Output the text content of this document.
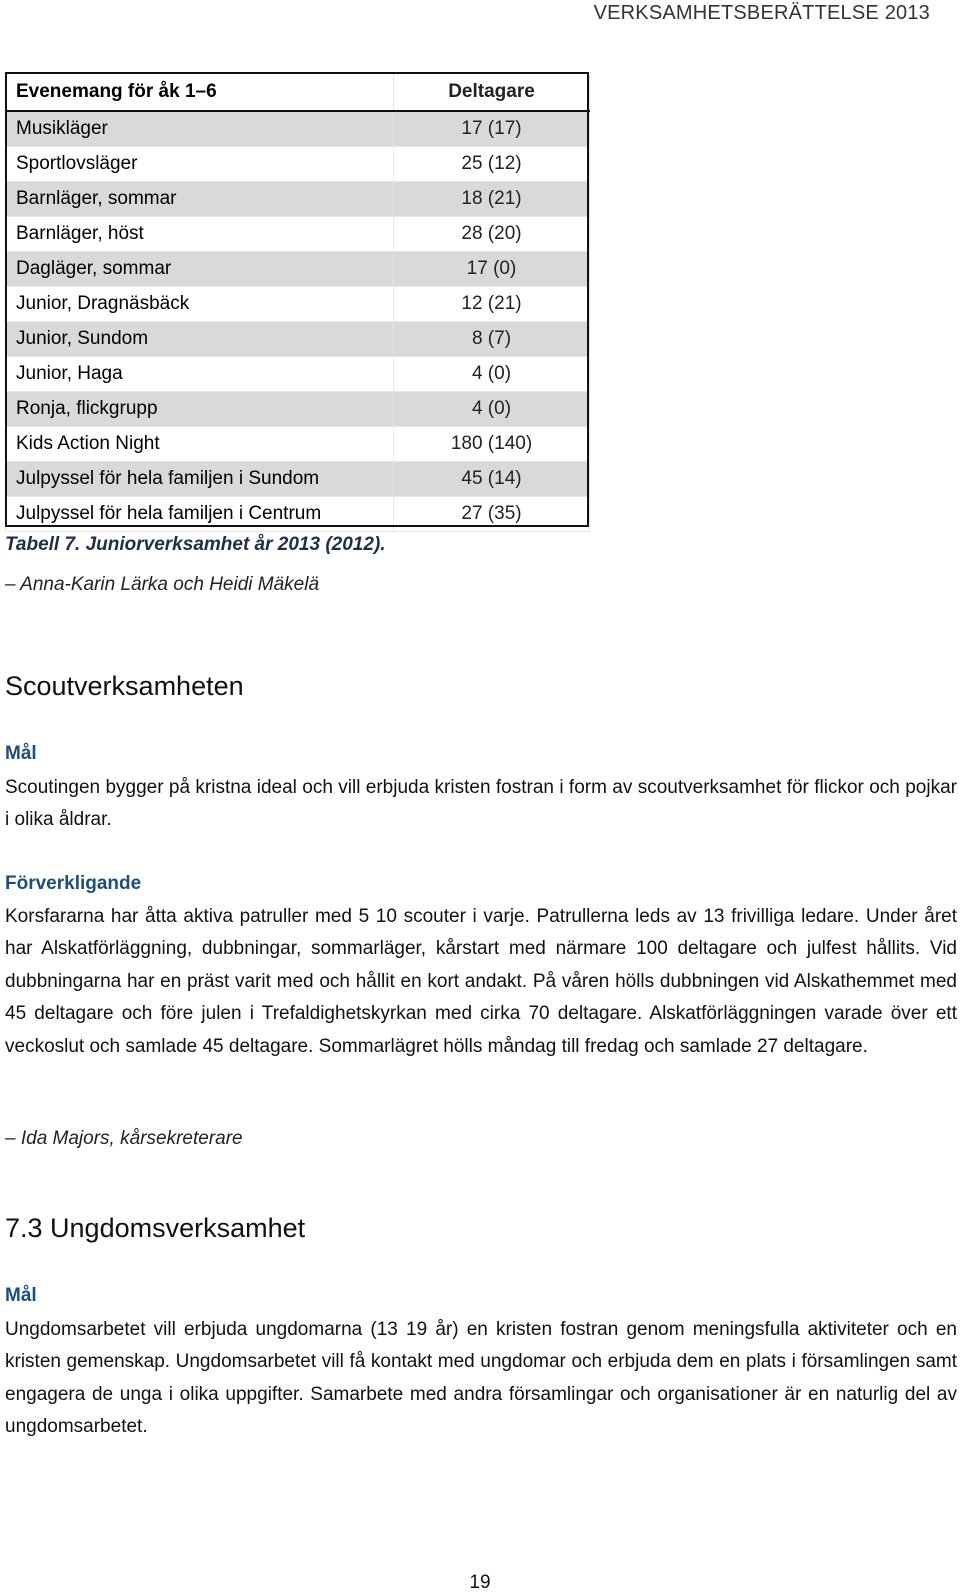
VERKSAMHETSBERÄTTELSE 2013
Evenemang för åk 1–6	Deltagare
Musikläger	17 (17)
Sportlovsläger	25 (12)
Barnläger, sommar	18 (21)
Barnläger, höst	28 (20)
Dagläger, sommar	17 (0)
Junior, Dragnäsbäck	12 (21)
Junior, Sundom	8 (7)
Junior, Haga	4 (0)
Ronja, flickgrupp	4 (0)
Kids Action Night	180 (140)
Julpyssel för hela familjen i Sundom	45 (14)
Julpyssel för hela familjen i Centrum	27 (35)
Tabell 7. Juniorverksamhet år 2013 (2012).
– Anna-Karin Lärka och Heidi Mäkelä
Scoutverksamheten
Mål
Scoutingen bygger på kristna ideal och vill erbjuda kristen fostran i form av scoutverksamhet för flickor och pojkar i olika åldrar.
Förverkligande
Korsfararna har åtta aktiva patruller med 5 10 scouter i varje. Patrullerna leds av 13 frivilliga ledare. Under året har Alskatförläggning, dubbningar, sommarläger, kårstart med närmare 100 deltagare och julfest hållits. Vid dubbningarna har en präst varit med och hållit en kort andakt. På våren hölls dubbningen vid Alskathemmet med 45 deltagare och före julen i Trefaldighetskyrkan med cirka 70 deltagare. Alskatförläggningen varade över ett veckoslut och samlade 45 deltagare. Sommarlägret hölls måndag till fredag och samlade 27 deltagare.
– Ida Majors, kårsekreterare
7.3 Ungdomsverksamhet
Mål
Ungdomsarbetet vill erbjuda ungdomarna (13 19 år) en kristen fostran genom meningsfulla aktiviteter och en kristen gemenskap. Ungdomsarbetet vill få kontakt med ungdomar och erbjuda dem en plats i församlingen samt engagera de unga i olika uppgifter. Samarbete med andra församlingar och organisationer är en naturlig del av ungdomsarbetet.
19
